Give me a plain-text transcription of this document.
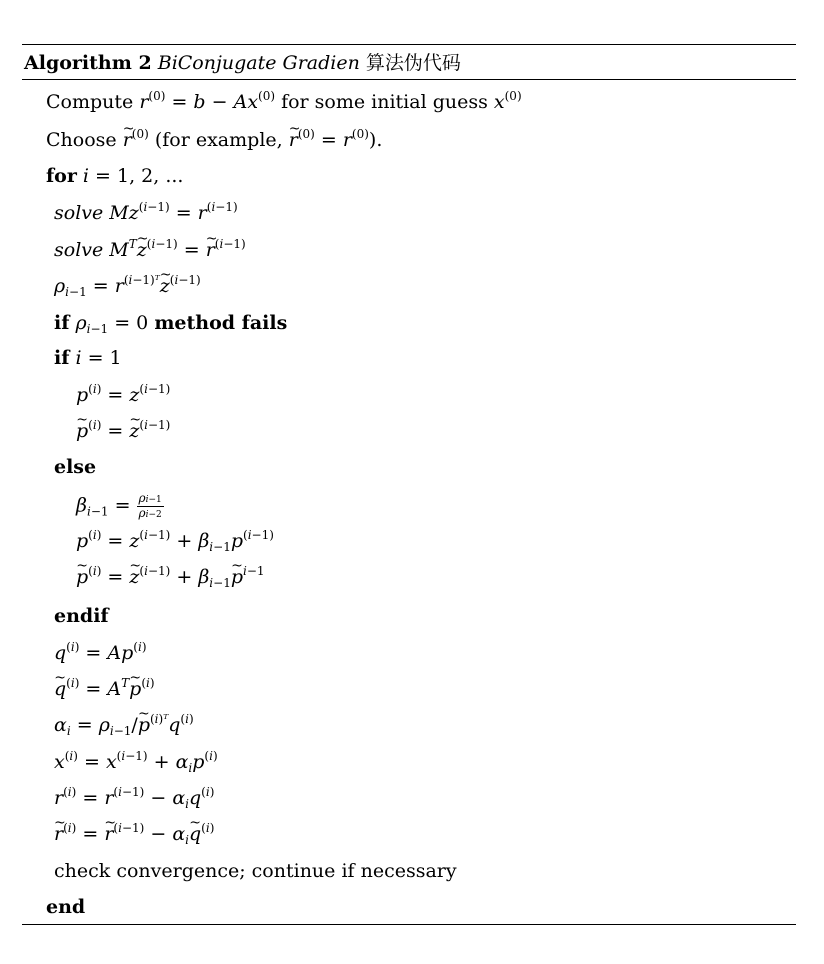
Algorithm 2 BiConjugate Gradien 算法伪代码
Compute $r^{(0)} = b - Ax^{(0)}$ for some initial guess $x^{(0)}$
Choose ~ $r^{(0)}$ (for example, ~ $r^{(0)} = r^{(0)}$).
for i = 1, 2, ...
solve $Mz^{(i-1)} = r^{(i-1)}$
solve $M^T\sim$ $z^{(i-1)}$ = ~ $r^{(i-1)}$
$\rho_{i-1}$ = $r^{(i-1)ᵀ}\sim$ $z^{(i-1)}$
if $\rho_{i-1} = 0$ method fails
if i = 1
$p^{(i)} = z^{(i-1)}$
~ $p^{(i)}$ = ~ $z^{(i-1)}$
else
$\beta_{i-1} = \frac{\rho i-1}{\rho i-2}$
$p^{(i)} = z^{(i-1)} + \beta_{i-1}p^{(i-1)}$
~ $p^{(i)}$ = ~ $z^{(i-1)}$ + $\beta_{i-1}\sim$ $p^{i-1}$
endif
$q^{(i)} = Ap^{(i)}$
~ $q^{(i)}$ = $A^T\sim$ $p^{(i)}$
$\alpha_i$ = $\rho_{i-1}/\sim$ $p^{(i)ᵀ}q^{(i)}$
$x^{(i)} = x^{(i-1)} + \alpha_ip^{(i)}$
$r^{(i)} = r^{(i-1)} - \alpha_iq^{(i)}$
~ $r^{(i)}$ = ~ $r^{(i-1)}$ − $\alpha_i\sim$ $q^{(i)}$
check convergence; continue if necessary
end
